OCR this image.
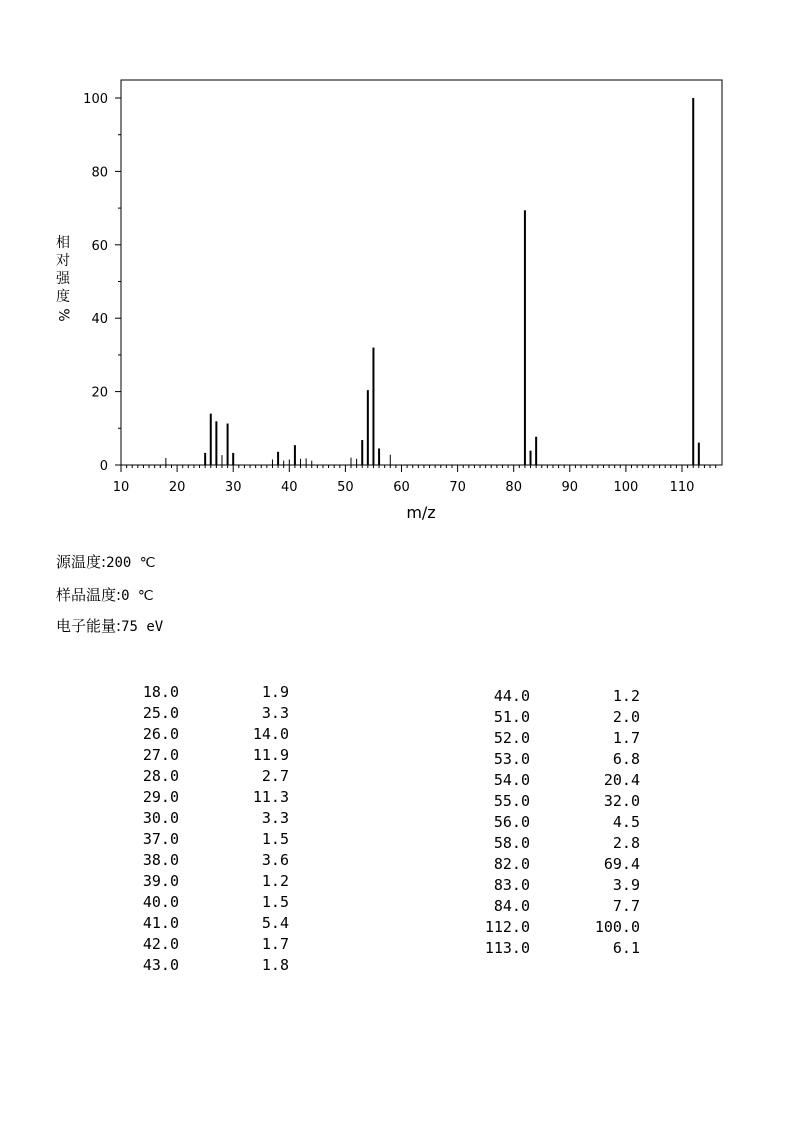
0
20
40
60
80
100
10	20	30	40	50	60	70	80	90	100 110
m/z
相
对
强
度
%
源温度:200 ℃
样品温度:0 ℃
电子能量:75 eV
18.0	1.9
25.0	3.3
26.0	14.0
27.0	11.9
28.0	2.7
29.0	11.3
30.0	3.3
37.0	1.5
38.0	3.6
39.0	1.2
40.0	1.5
41.0	5.4
42.0	1.7
43.0	1.8
44.0	1.2
51.0	2.0
52.0	1.7
53.0	6.8
54.0	20.4
55.0	32.0
56.0	4.5
58.0	2.8
82.0	69.4
83.0	3.9
84.0	7.7
112.0	100.0
113.0	6.1
